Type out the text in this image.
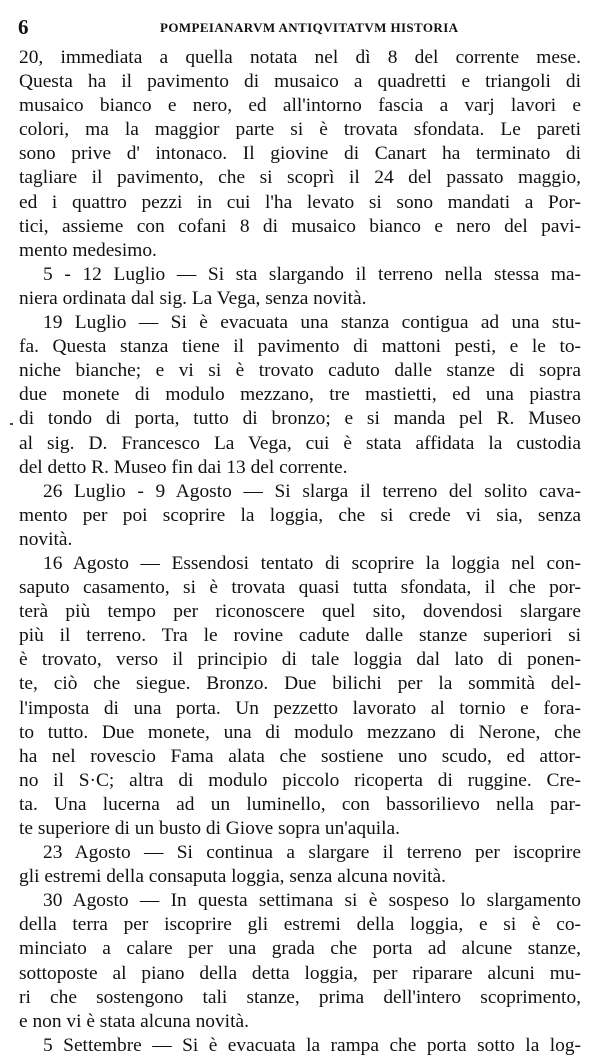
6	POMPEIANARVM ANTIQVITATVM HISTORIA
20, immediata a quella notata nel dì 8 del corrente mese.
Questa ha il pavimento di musaico a quadretti e triangoli di
musaico bianco e nero, ed all'intorno fascia a varj lavori e
colori, ma la maggior parte si è trovata sfondata. Le pareti
sono prive d' intonaco. Il giovine di Canart ha terminato di
tagliare il pavimento, che si scoprì il 24 del passato maggio,
ed i quattro pezzi in cui l'ha levato si sono mandati a Por-
tici, assieme con cofani 8 di musaico bianco e nero del pavi-
mento medesimo.
5 - 12 Luglio — Si sta slargando il terreno nella stessa ma-
niera ordinata dal sig. La Vega, senza novità.
19 Luglio — Si è evacuata una stanza contigua ad una stu-
fa. Questa stanza tiene il pavimento di mattoni pesti, e le to-
niche bianche; e vi si è trovato caduto dalle stanze di sopra
due monete di modulo mezzano, tre mastietti, ed una piastra
di tondo di porta, tutto di bronzo; e si manda pel R. Museo
al sig. D. Francesco La Vega, cui è stata affidata la custodia
del detto R. Museo fin dai 13 del corrente.
26 Luglio - 9 Agosto — Si slarga il terreno del solito cava-
mento per poi scoprire la loggia, che si crede vi sia, senza
novità.
16 Agosto — Essendosi tentato di scoprire la loggia nel con-
saputo casamento, si è trovata quasi tutta sfondata, il che por-
terà più tempo per riconoscere quel sito, dovendosi slargare
più il terreno. Tra le rovine cadute dalle stanze superiori si
è trovato, verso il principio di tale loggia dal lato di ponen-
te, ciò che siegue. Bronzo. Due bilichi per la sommità del-
l'imposta di una porta. Un pezzetto lavorato al tornio e fora-
to tutto. Due monete, una di modulo mezzano di Nerone, che
ha nel rovescio Fama alata che sostiene uno scudo, ed attor-
no il S·C; altra di modulo piccolo ricoperta di ruggine. Cre-
ta. Una lucerna ad un luminello, con bassorilievo nella par-
te superiore di un busto di Giove sopra un'aquila.
23 Agosto — Si continua a slargare il terreno per iscoprire
gli estremi della consaputa loggia, senza alcuna novità.
30 Agosto — In questa settimana si è sospeso lo slargamento
della terra per iscoprire gli estremi della loggia, e si è co-
minciato a calare per una grada che porta ad alcune stanze,
sottoposte al piano della detta loggia, per riparare alcuni mu-
ri che sostengono tali stanze, prima dell'intero scoprimento,
e non vi è stata alcuna novità.
5 Settembre — Si è evacuata la rampa che porta sotto la log-
